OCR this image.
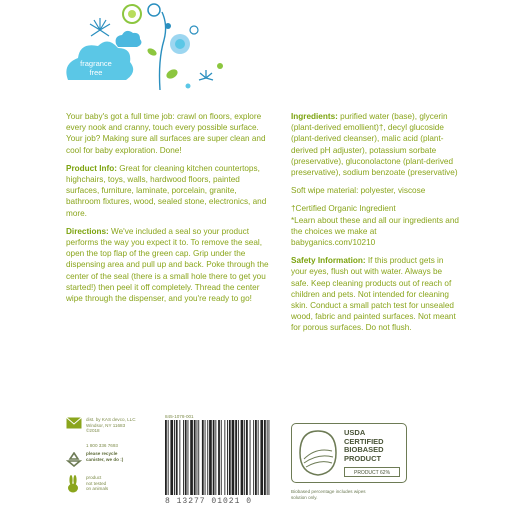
fragrance
free

Your baby's got a full time job: crawl on floors, explore every nook and cranny, touch every possible surface. Your job? Making sure all surfaces are super clean and cool for baby exploration. Done!

Product Info: Great for cleaning kitchen countertops, highchairs, toys, walls, hardwood floors, painted surfaces, furniture, laminate, porcelain, granite, bathroom fixtures, wood, sealed stone, electronics, and more.

Directions: We've included a seal so your product performs the way you expect it to. To remove the seal, open the top flap of the green cap. Grip under the dispensing area and pull up and back. Poke through the center of the seal (there is a small hole there to get you started!) then peel it off completely. Thread the center wipe through the dispenser, and you're ready to go!

Ingredients: purified water (base), glycerin (plant-derived emollient)†, decyl glucoside (plant-derived cleanser), malic acid (plant-derived pH adjuster), potassium sorbate (preservative), gluconolactone (plant-derived preservative), sodium benzoate (preservative)

Soft wipe material: polyester, viscose

†Certified Organic Ingredient

*Learn about these and all our ingredients and the choices we make at babyganics.com/10210

Safety Information: If this product gets in your eyes, flush out with water. Always be safe. Keep cleaning products out of reach of children and pets. Not intended for cleaning skin. Conduct a small patch test for unsealed wood, fabric and painted surfaces. Not meant for porous surfaces. Do not flush.

dist. by KAS devco, LLC
Windsor, NY 11683
©2018
1 800 336 7693
please recycle
canister, we do :)
product
not tested
on animals
845-1078-001
8 13277 01021 0
USDA
CERTIFIED
BIOBASED
PRODUCT
PRODUCT 62%
Biobased percentage includes wipes
solution only.
